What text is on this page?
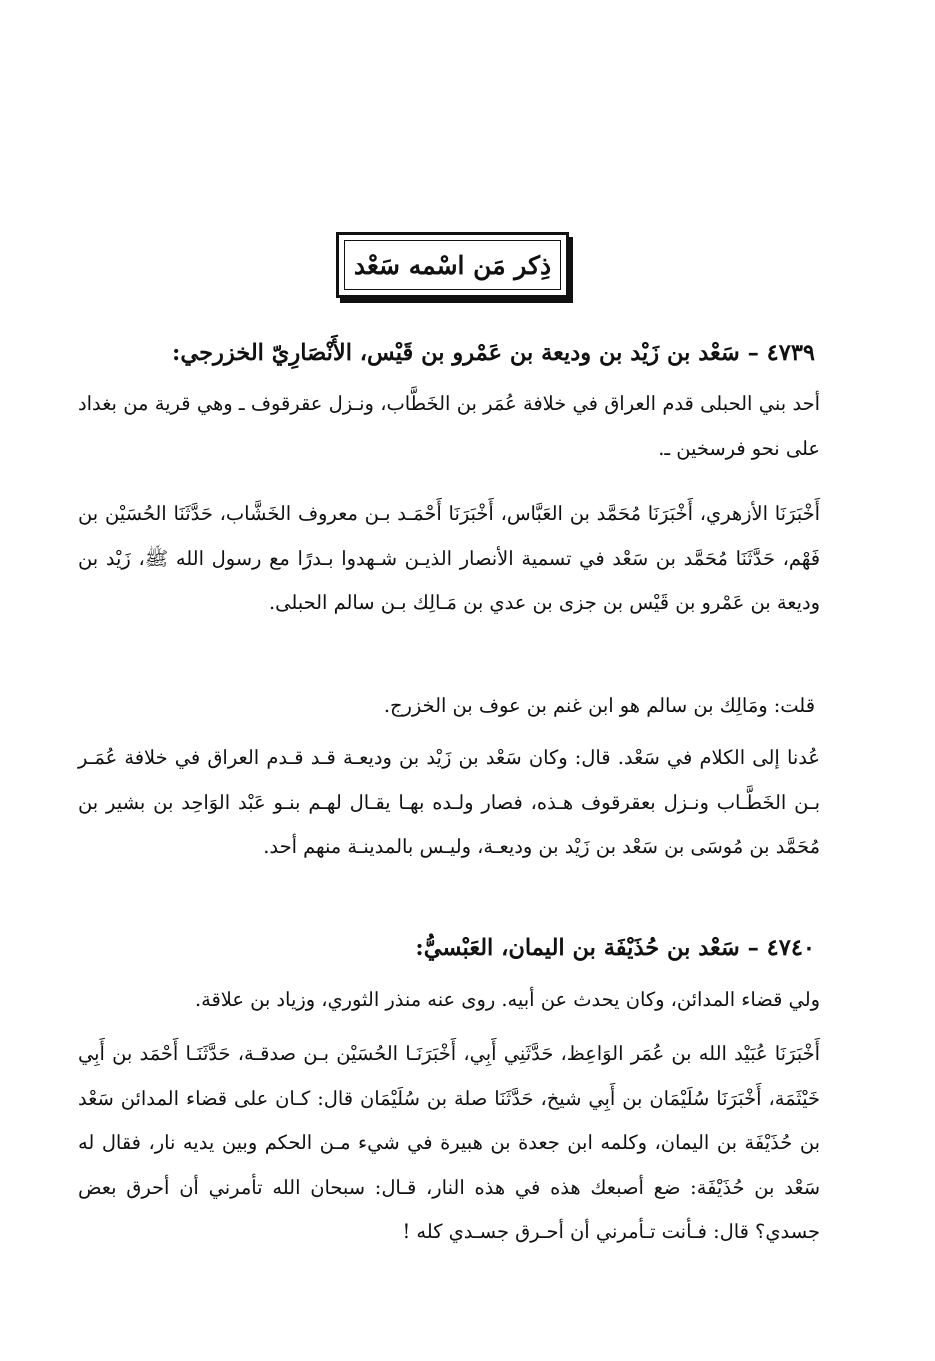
ذِكر مَن اسْمه سَعْد
٤٧٣٩ – سَعْد بن زَيْد بن وديعة بن عَمْرو بن قَيْس، الأَنْصَارِيّ الخزرجي:

أحد بني الحبلى قدم العراق في خلافة عُمَر بن الخَطَّاب، ونـزل عقرقوف ـ وهي قرية من بغداد على نحو فرسخين ـ.

أَخْبَرَنَا الأزهري، أَخْبَرَنَا مُحَمَّد بن العَبَّاس، أَخْبَرَنَا أَحْمَـد بـن معروف الخَشَّاب، حَدَّثَنَا الحُسَيْن بن فَهْم، حَدَّثَنَا مُحَمَّد بن سَعْد في تسمية الأنصار الذيـن شـهدوا بـدرًا مع رسول الله ﷺ، زَيْد بن وديعة بن عَمْرو بن قَيْس بن جزى بن عدي بن مَـالِك بـن سالم الحبلى.

قلت: ومَالِك بن سالم هو ابن غنم بن عوف بن الخزرج.

عُدنا إلى الكلام في سَعْد. قال: وكان سَعْد بن زَيْد بن وديعـة قـد قـدم العراق في خلافة عُمَـر بـن الخَطَّـاب ونـزل بعقرقوف هـذه، فصار ولـده بهـا يقـال لهـم بنـو عَبْد الوَاحِد بن بشير بن مُحَمَّد بن مُوسَى بن سَعْد بن زَيْد بن وديعـة، وليـس بالمدينـة منهم أحد.

٤٧٤٠ – سَعْد بن حُذَيْفَة بن اليمان، العَبْسيُّ:

ولي قضاء المدائن، وكان يحدث عن أبيه. روى عنه منذر الثوري، وزياد بن علاقة.

أَخْبَرَنَا عُبَيْد الله بن عُمَر الوَاعِظ، حَدَّثَنِي أَبِي، أَخْبَرَنَـا الحُسَيْن بـن صدقـة، حَدَّثَنَـا أَحْمَد بن أَبِي خَيْثَمَة، أَخْبَرَنَا سُلَيْمَان بن أَبِي شيخ، حَدَّثَنَا صلة بن سُلَيْمَان قال: كـان على قضاء المدائن سَعْد بن حُذَيْفَة بن اليمان، وكلمه ابن جعدة بن هبيرة في شيء مـن الحكم وبين يديه نار، فقال له سَعْد بن حُذَيْفَة: ضع أصبعك هذه في هذه النار، قـال: سبحان الله تأمرني أن أحرق بعض جسدي؟ قال: فـأنت تـأمرني أن أحـرق جسـدي كله !
